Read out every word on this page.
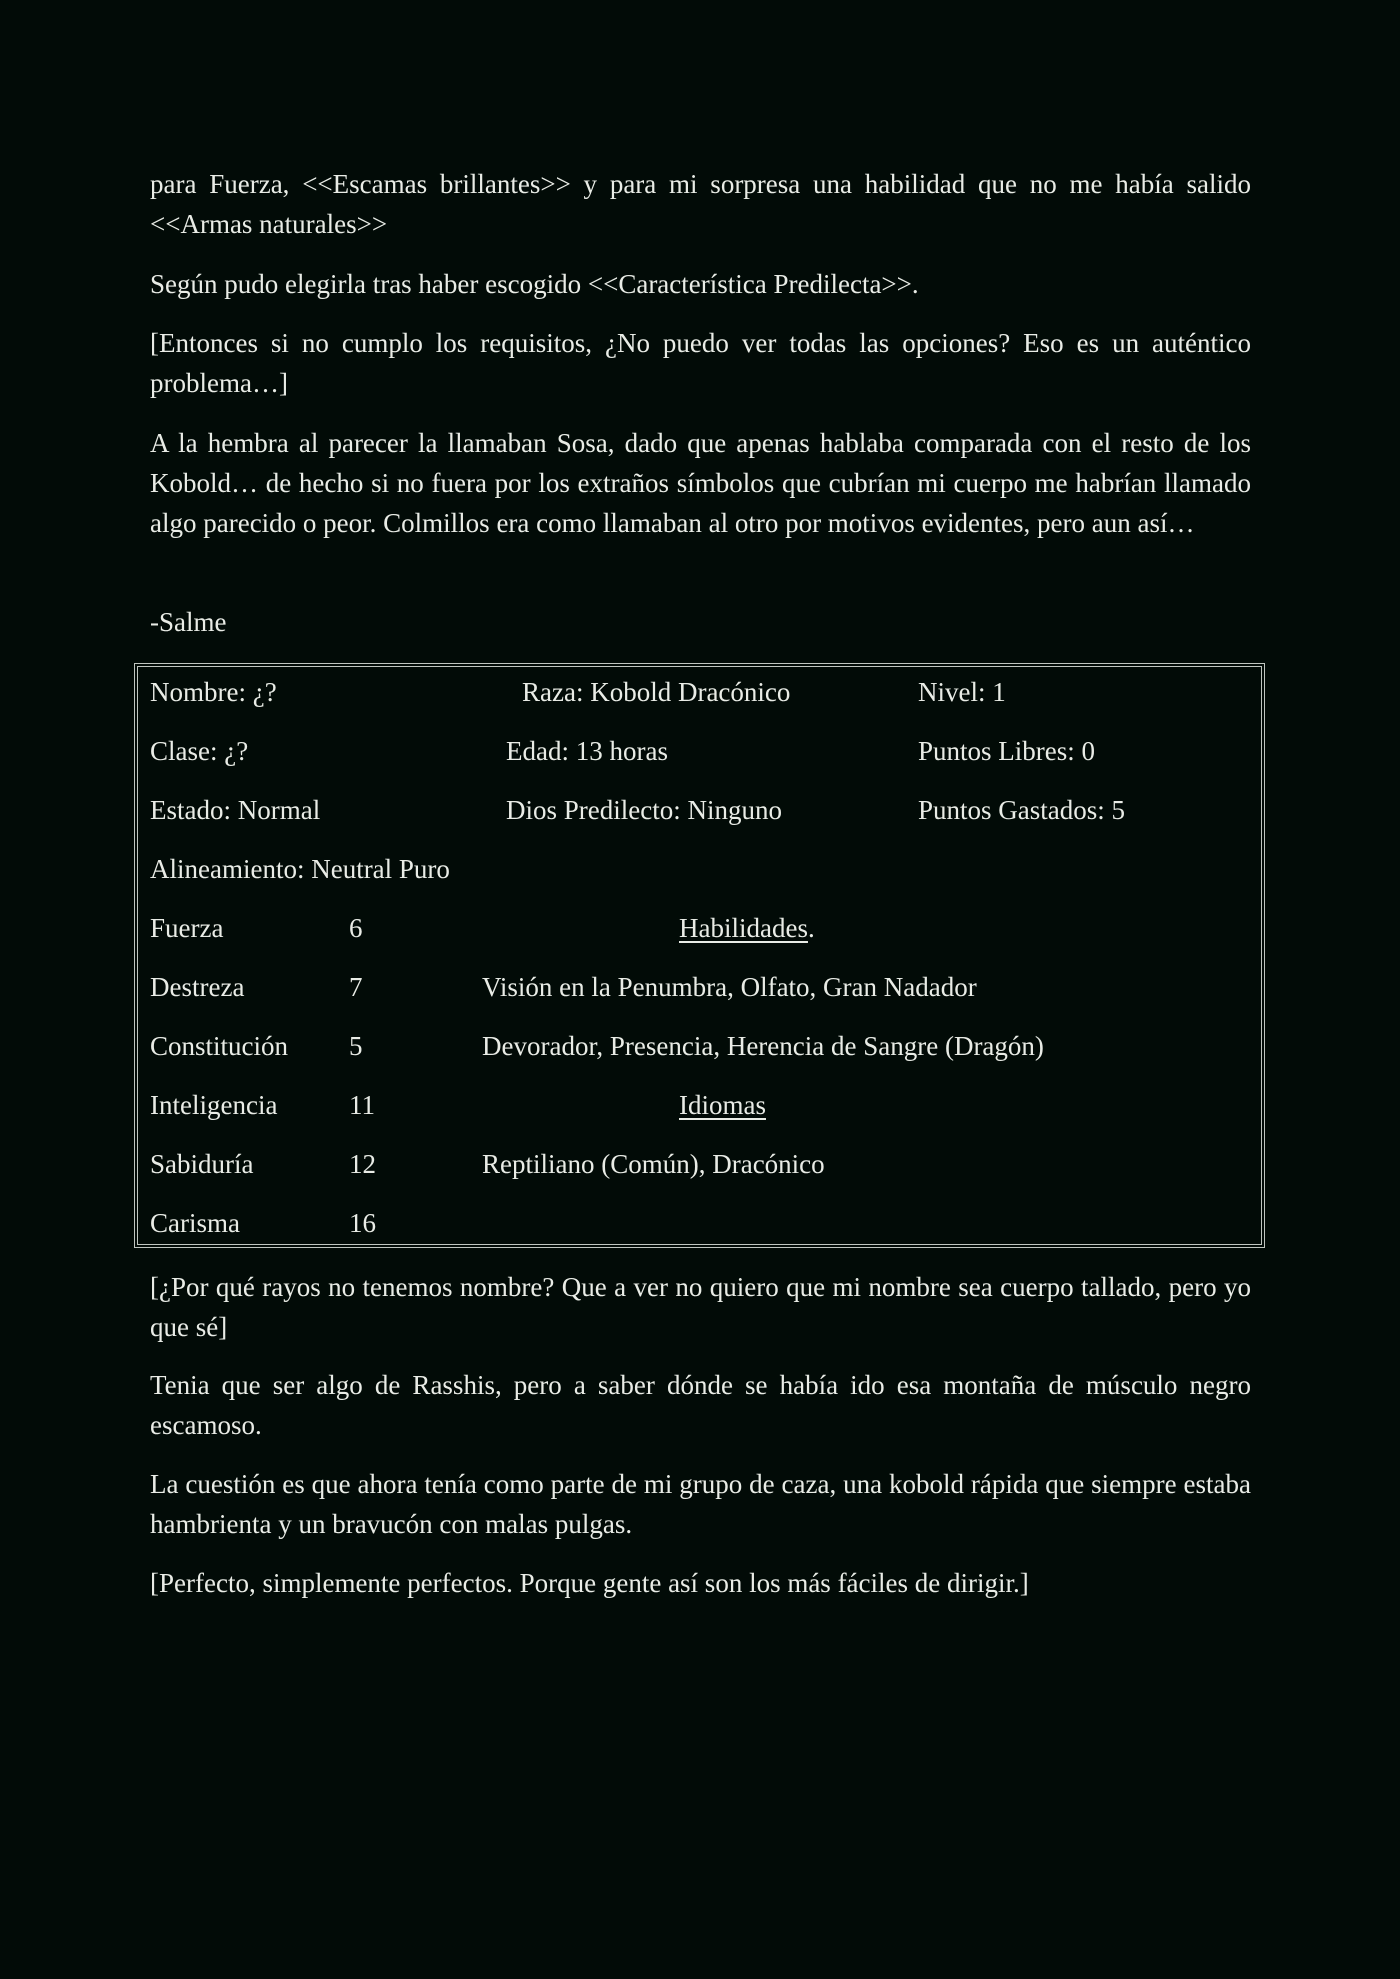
para Fuerza, <<Escamas brillantes>> y para mi sorpresa una habilidad que no me había salido <<Armas naturales>>

Según pudo elegirla tras haber escogido <<Característica Predilecta>>.

[Entonces si no cumplo los requisitos, ¿No puedo ver todas las opciones? Eso es un auténtico problema…]

A la hembra al parecer la llamaban Sosa, dado que apenas hablaba comparada con el resto de los Kobold… de hecho si no fuera por los extraños símbolos que cubrían mi cuerpo me habrían llamado algo parecido o peor. Colmillos era como llamaban al otro por motivos evidentes, pero aun así…

-Salme

Nombre: ¿?	Raza: Kobold Dracónico	Nivel: 1
Clase: ¿?	Edad: 13 horas	Puntos Libres: 0
Estado: Normal	Dios Predilecto: Ninguno	Puntos Gastados: 5
Alineamiento: Neutral Puro
Fuerza	6
Destreza	7
Constitución 5
Inteligencia	11
Sabiduría	12
Carisma	16
Habilidades.
Visión en la Penumbra, Olfato, Gran Nadador
Devorador, Presencia, Herencia de Sangre (Dragón)
Idiomas
Reptiliano (Común), Dracónico

[¿Por qué rayos no tenemos nombre? Que a ver no quiero que mi nombre sea cuerpo tallado, pero yo que sé]

Tenia que ser algo de Rasshis, pero a saber dónde se había ido esa montaña de músculo negro escamoso.

La cuestión es que ahora tenía como parte de mi grupo de caza, una kobold rápida que siempre estaba hambrienta y un bravucón con malas pulgas.

[Perfecto, simplemente perfectos. Porque gente así son los más fáciles de dirigir.]
